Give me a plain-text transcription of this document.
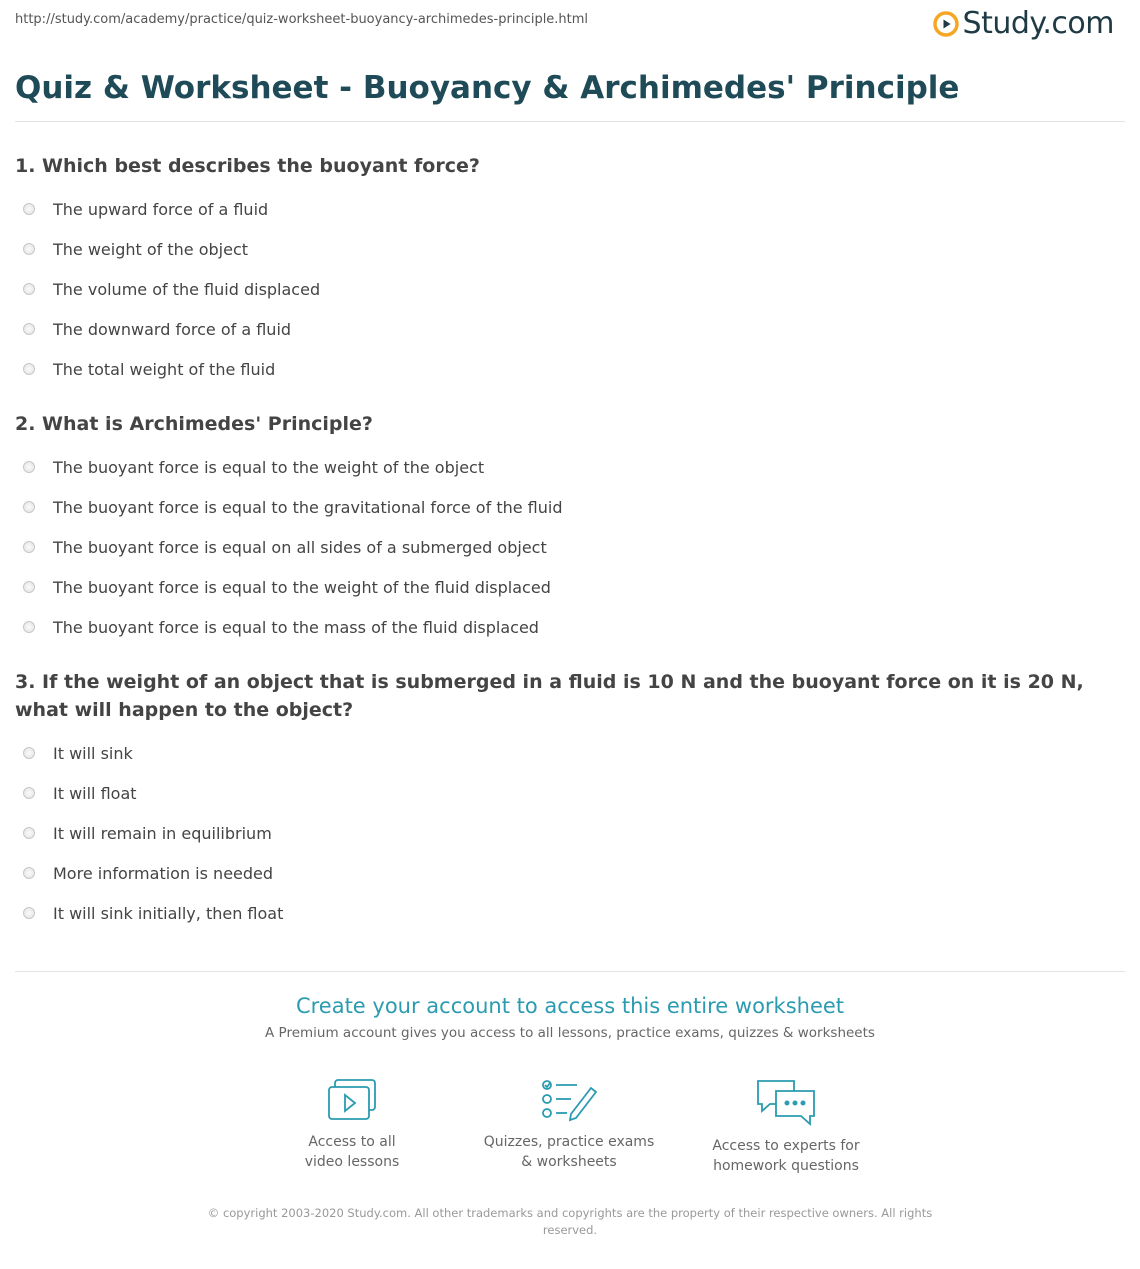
http://study.com/academy/practice/quiz-worksheet-buoyancy-archimedes-principle.html	Study.com
Quiz & Worksheet - Buoyancy & Archimedes' Principle

1. Which best describes the buoyant force?

The upward force of a fluid
The weight of the object
The volume of the fluid displaced
The downward force of a fluid
The total weight of the fluid

2. What is Archimedes' Principle?

The buoyant force is equal to the weight of the object
The buoyant force is equal to the gravitational force of the fluid
The buoyant force is equal on all sides of a submerged object
The buoyant force is equal to the weight of the fluid displaced
The buoyant force is equal to the mass of the fluid displaced

3. If the weight of an object that is submerged in a fluid is 10 N and the buoyant force on it is 20 N, what will happen to the object?

It will sink
It will float
It will remain in equilibrium
More information is needed
It will sink initially, then float
Create your account to access this entire worksheet
A Premium account gives you access to all lessons, practice exams, quizzes & worksheets
Access to all
video lessons
Quizzes, practice exams
& worksheets
Access to experts for
homework questions
© copyright 2003-2020 Study.com. All other trademarks and copyrights are the property of their respective owners. All rights reserved.
